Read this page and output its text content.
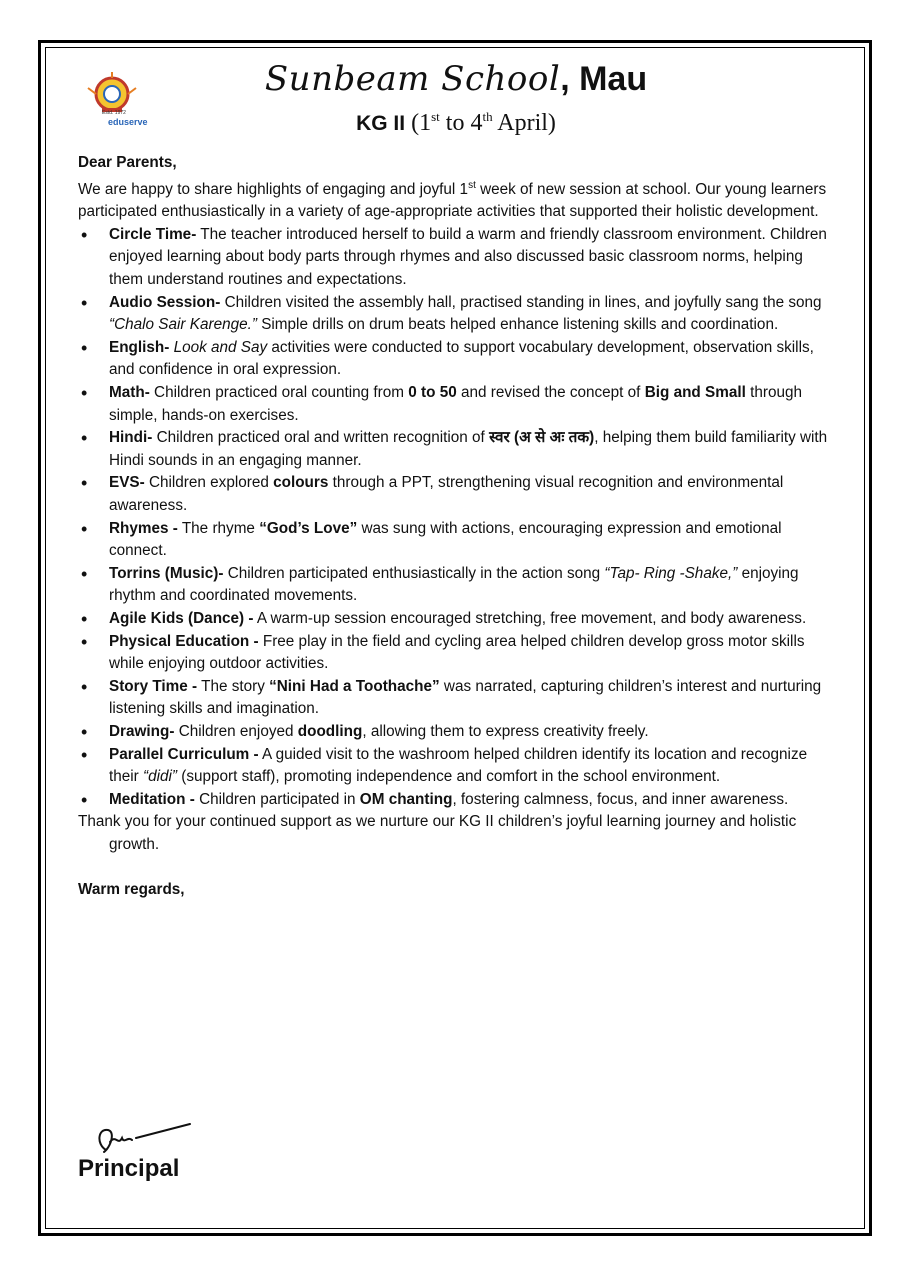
Estd. 1972
eduserve
Sunbeam School, Mau
KG II (1st to 4th April)

Dear Parents,

We are happy to share highlights of engaging and joyful 1st week of new session at school. Our young learners participated enthusiastically in a variety of age-appropriate activities that supported their holistic development.

• Circle Time- The teacher introduced herself to build a warm and friendly classroom environment. Children enjoyed learning about body parts through rhymes and also discussed basic classroom norms, helping them understand routines and expectations.
• Audio Session- Children visited the assembly hall, practised standing in lines, and joyfully sang the song “Chalo Sair Karenge.” Simple drills on drum beats helped enhance listening skills and coordination.
• English- Look and Say activities were conducted to support vocabulary development, observation skills, and confidence in oral expression.
• Math- Children practiced oral counting from 0 to 50 and revised the concept of Big and Small through simple, hands-on exercises.
• Hindi- Children practiced oral and written recognition of स्वर (अ से अः तक), helping them build familiarity with Hindi sounds in an engaging manner.
• EVS- Children explored colours through a PPT, strengthening visual recognition and environmental awareness.
• Rhymes - The rhyme “God’s Love” was sung with actions, encouraging expression and emotional connect.
• Torrins (Music)- Children participated enthusiastically in the action song “Tap- Ring -Shake,” enjoying rhythm and coordinated movements.
• Agile Kids (Dance) - A warm-up session encouraged stretching, free movement, and body awareness.
• Physical Education - Free play in the field and cycling area helped children develop gross motor skills while enjoying outdoor activities.
• Story Time - The story “Nini Had a Toothache” was narrated, capturing children’s interest and nurturing listening skills and imagination.
• Drawing- Children enjoyed doodling, allowing them to express creativity freely.
• Parallel Curriculum - A guided visit to the washroom helped children identify its location and recognize their “didi” (support staff), promoting independence and comfort in the school environment.
• Meditation - Children participated in OM chanting, fostering calmness, focus, and inner awareness.

Thank you for your continued support as we nurture our KG II children’s joyful learning journey and holistic growth.

Warm regards,

Principal
